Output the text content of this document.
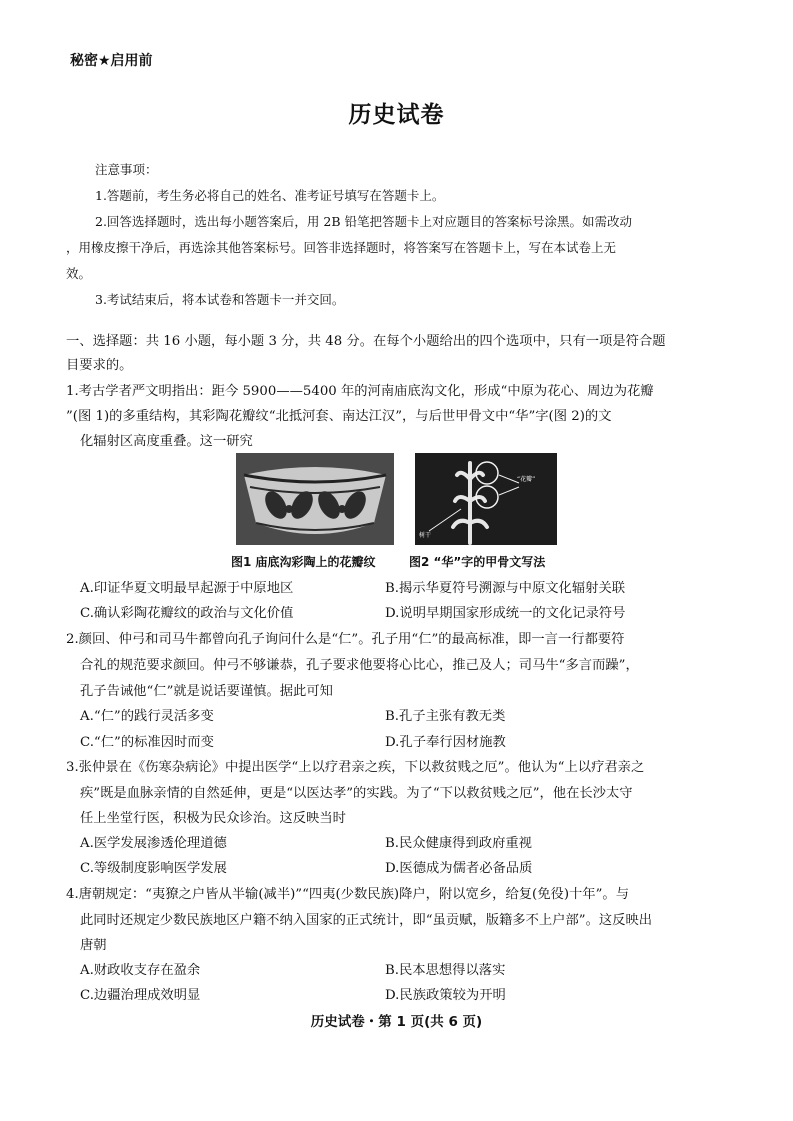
秘密★启用前
历史试卷
注意事项：
1.答题前，考生务必将自己的姓名、准考证号填写在答题卡上。
2.回答选择题时，选出每小题答案后，用 2B 铅笔把答题卡上对应题目的答案标号涂黑。如需改动
，用橡皮擦干净后，再选涂其他答案标号。回答非选择题时，将答案写在答题卡上，写在本试卷上无
效。
3.考试结束后，将本试卷和答题卡一并交回。
一、选择题：共 16 小题，每小题 3 分，共 48 分。在每个小题给出的四个选项中，只有一项是符合题
目要求的。
1.考古学者严文明指出：距今 5900——5400 年的河南庙底沟文化，形成“中原为花心、周边为花瓣
”(图 1)的多重结构，其彩陶花瓣纹“北抵河套、南达江汉”，与后世甲骨文中“华”字(图 2)的文
化辐射区高度重叠。这一研究
“花瓣”
树干
图1 庙底沟彩陶上的花瓣纹	图2 “华”字的甲骨文写法
A.印证华夏文明最早起源于中原地区	B.揭示华夏符号溯源与中原文化辐射关联
C.确认彩陶花瓣纹的政治与文化价值	D.说明早期国家形成统一的文化记录符号
2.颜回、仲弓和司马牛都曾向孔子询问什么是“仁”。孔子用“仁”的最高标准，即一言一行都要符
合礼的规范要求颜回。仲弓不够谦恭，孔子要求他要将心比心，推己及人；司马牛“多言而躁”，
孔子告诫他“仁”就是说话要谨慎。据此可知
A.“仁”的践行灵活多变	B.孔子主张有教无类
C.“仁”的标准因时而变	D.孔子奉行因材施教
3.张仲景在《伤寒杂病论》中提出医学“上以疗君亲之疾，下以救贫贱之厄”。他认为“上以疗君亲之
疾”既是血脉亲情的自然延伸，更是“以医达孝”的实践。为了“下以救贫贱之厄”，他在长沙太守
任上坐堂行医，积极为民众诊治。这反映当时
A.医学发展渗透伦理道德	B.民众健康得到政府重视
C.等级制度影响医学发展	D.医德成为儒者必备品质
4.唐朝规定：“夷獠之户皆从半输(减半)”“四夷(少数民族)降户，附以宽乡，给复(免役)十年”。与
此同时还规定少数民族地区户籍不纳入国家的正式统计，即“虽贡赋，版籍多不上户部”。这反映出
唐朝
A.财政收支存在盈余	B.民本思想得以落实
C.边疆治理成效明显	D.民族政策较为开明
历史试卷・第 1 页(共 6 页)
